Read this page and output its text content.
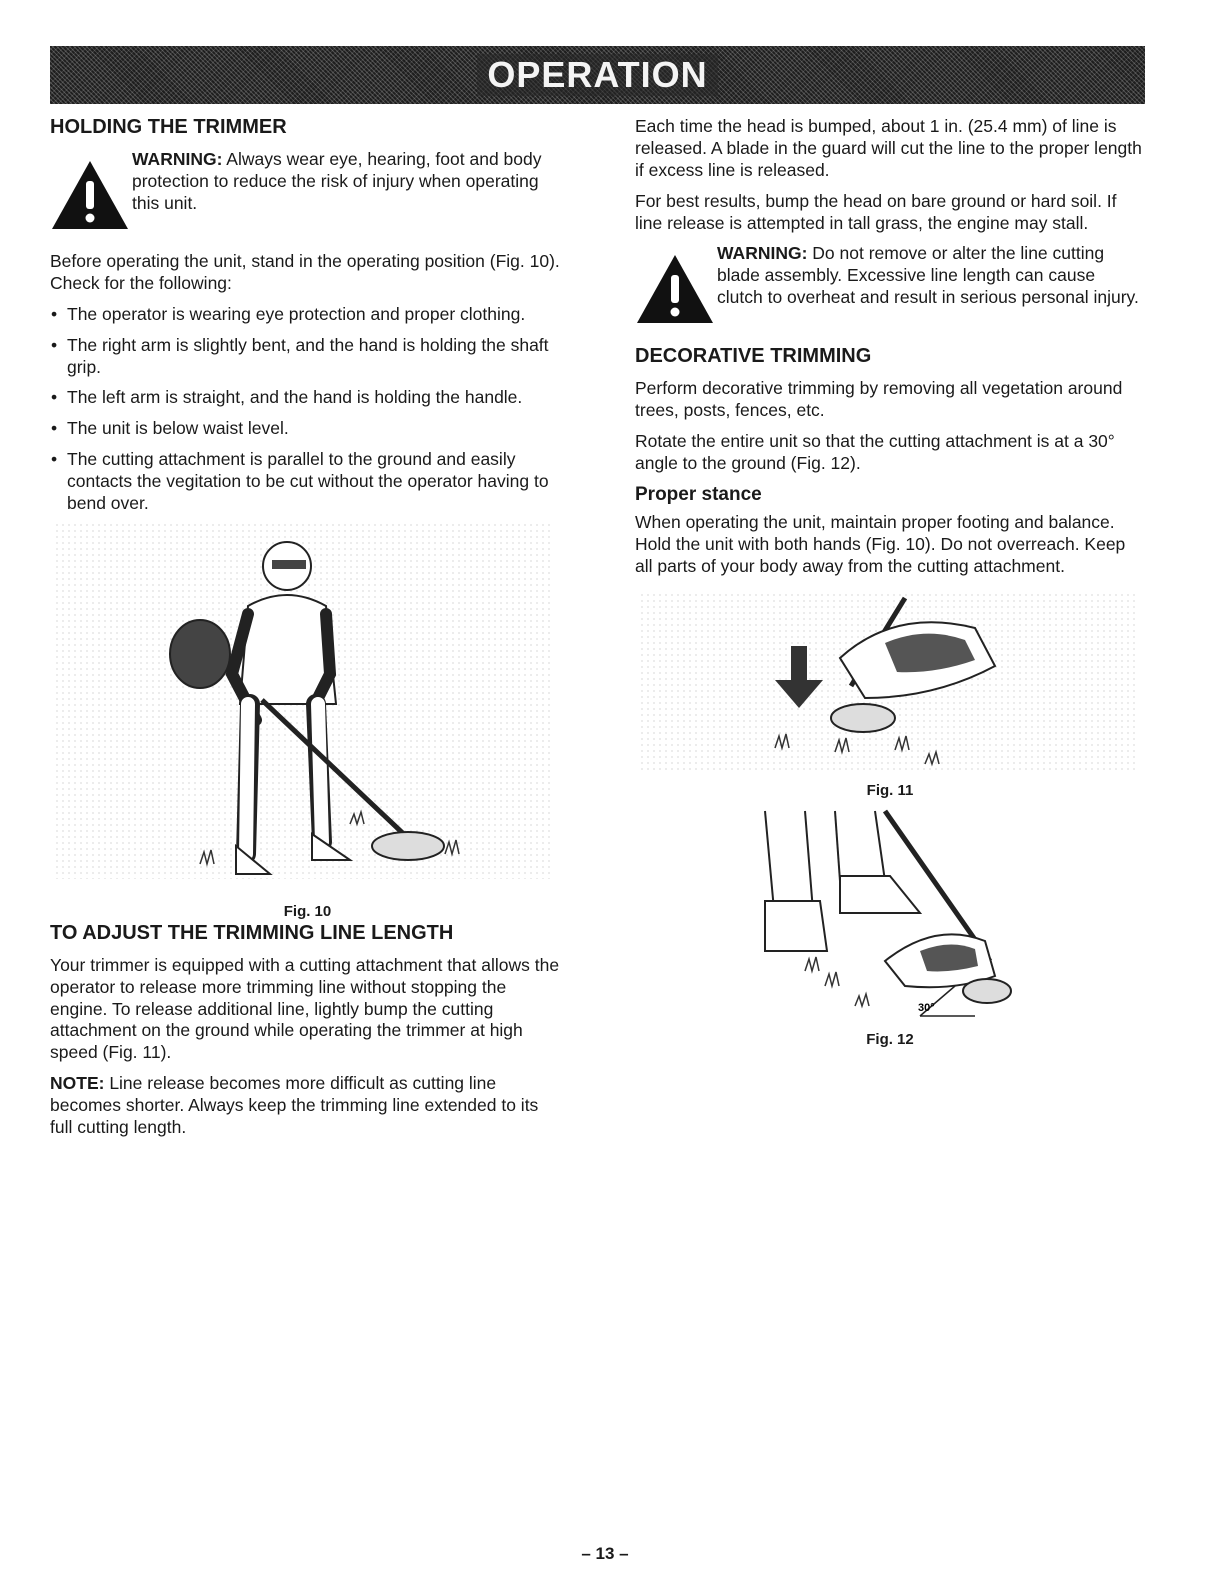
OPERATION
HOLDING THE TRIMMER
WARNING: Always wear eye, hearing, foot and body protection to reduce the risk of injury when operating this unit.

Before operating the unit, stand in the operating position (Fig. 10). Check for the following:

• The operator is wearing eye protection and proper clothing.
• The right arm is slightly bent, and the hand is holding the shaft grip.
• The left arm is straight, and the hand is holding the handle.
• The unit is below waist level.
• The cutting attachment is parallel to the ground and easily contacts the vegitation to be cut without the operator having to bend over.
Fig. 10
TO ADJUST THE TRIMMING LINE LENGTH

Your trimmer is equipped with a cutting attachment that allows the operator to release more trimming line without stopping the engine. To release additional line, lightly bump the cutting attachment on the ground while operating the trimmer at high speed (Fig. 11).

NOTE: Line release becomes more difficult as cutting line becomes shorter. Always keep the trimming line extended to its full cutting length.

Each time the head is bumped, about 1 in. (25.4 mm) of line is released. A blade in the guard will cut the line to the proper length if excess line is released.

For best results, bump the head on bare ground or hard soil. If line release is attempted in tall grass, the engine may stall.

WARNING: Do not remove or alter the line cutting blade assembly. Excessive line length can cause clutch to overheat and result in serious personal injury.
DECORATIVE TRIMMING

Perform decorative trimming by removing all vegetation around trees, posts, fences, etc.

Rotate the entire unit so that the cutting attachment is at a 30° angle to the ground (Fig. 12).

Proper stance

When operating the unit, maintain proper footing and balance. Hold the unit with both hands (Fig. 10). Do not overreach. Keep all parts of your body away from the cutting attachment.

Fig. 11
30°
Fig. 12
– 13 –
